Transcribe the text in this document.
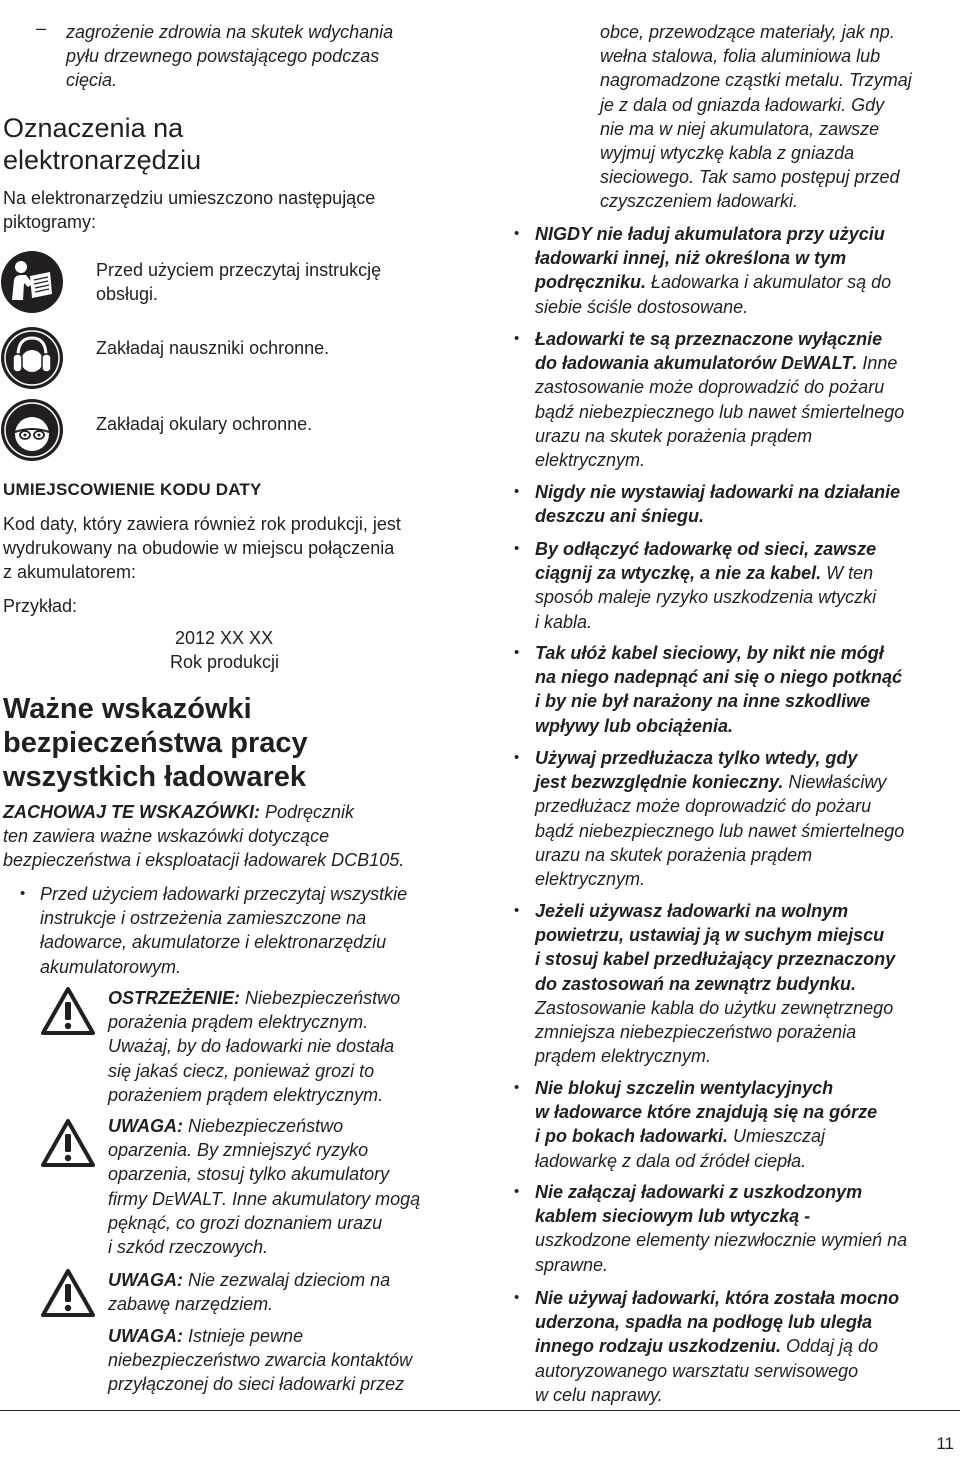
– zagrożenie zdrowia na skutek wdychania
pyłu drzewnego powstającego podczas
cięcia.
Oznaczenia na
elektronarzędziu
Na elektronarzędziu umieszczono następujące
piktogramy:
Przed użyciem przeczytaj instrukcję
obsługi.
Zakładaj nauszniki ochronne.
Zakładaj okulary ochronne.
UMIEJSCOWIENIE KODU DATY
Kod daty, który zawiera również rok produkcji, jest
wydrukowany na obudowie w miejscu połączenia
z akumulatorem:
Przykład:
2012 XX XX
Rok produkcji
Ważne wskazówki
bezpieczeństwa pracy
wszystkich ładowarek
ZACHOWAJ TE WSKAZÓWKI: Podręcznik
ten zawiera ważne wskazówki dotyczące
bezpieczeństwa i eksploatacji ładowarek DCB105.
• Przed użyciem ładowarki przeczytaj wszystkie
instrukcje i ostrzeżenia zamieszczone na
ładowarce, akumulatorze i elektronarzędziu
akumulatorowym.
OSTRZEŻENIE: Niebezpieczeństwo
porażenia prądem elektrycznym.
Uważaj, by do ładowarki nie dostała
się jakaś ciecz, ponieważ grozi to
porażeniem prądem elektrycznym.
UWAGA: Niebezpieczeństwo
oparzenia. By zmniejszyć ryzyko
oparzenia, stosuj tylko akumulatory
firmy DeWALT. Inne akumulatory mogą
pęknąć, co grozi doznaniem urazu
i szkód rzeczowych.
UWAGA: Nie zezwalaj dzieciom na
zabawę narzędziem.
UWAGA: Istnieje pewne
niebezpieczeństwo zwarcia kontaktów
przyłączonej do sieci ładowarki przez
obce, przewodzące materiały, jak np.
wełna stalowa, folia aluminiowa lub
nagromadzone cząstki metalu. Trzymaj
je z dala od gniazda ładowarki. Gdy
nie ma w niej akumulatora, zawsze
wyjmuj wtyczkę kabla z gniazda
sieciowego. Tak samo postępuj przed
czyszczeniem ładowarki.
• NIGDY nie ładuj akumulatora przy użyciu
ładowarki innej, niż określona w tym
podręczniku. Ładowarka i akumulator są do
siebie ściśle dostosowane.
• Ładowarki te są przeznaczone wyłącznie
do ładowania akumulatorów DeWALT. Inne
zastosowanie może doprowadzić do pożaru
bądź niebezpiecznego lub nawet śmiertelnego
urazu na skutek porażenia prądem
elektrycznym.
• Nigdy nie wystawiaj ładowarki na działanie
deszczu ani śniegu.
• By odłączyć ładowarkę od sieci, zawsze
ciągnij za wtyczkę, a nie za kabel. W ten
sposób maleje ryzyko uszkodzenia wtyczki
i kabla.
• Tak ułóż kabel sieciowy, by nikt nie mógł
na niego nadepnąć ani się o niego potknąć
i by nie był narażony na inne szkodliwe
wpływy lub obciążenia.
• Używaj przedłużacza tylko wtedy, gdy
jest bezwzględnie konieczny. Niewłaściwy
przedłużacz może doprowadzić do pożaru
bądź niebezpiecznego lub nawet śmiertelnego
urazu na skutek porażenia prądem
elektrycznym.
• Jeżeli używasz ładowarki na wolnym
powietrzu, ustawiaj ją w suchym miejscu
i stosuj kabel przedłużający przeznaczony
do zastosowań na zewnątrz budynku.
Zastosowanie kabla do użytku zewnętrznego
zmniejsza niebezpieczeństwo porażenia
prądem elektrycznym.
• Nie blokuj szczelin wentylacyjnych
w ładowarce które znajdują się na górze
i po bokach ładowarki. Umieszczaj
ładowarkę z dala od źródeł ciepła.
• Nie załączaj ładowarki z uszkodzonym
kablem sieciowym lub wtyczką -
uszkodzone elementy niezwłocznie wymień na
sprawne.
• Nie używaj ładowarki, która została mocno
uderzona, spadła na podłogę lub uległa
innego rodzaju uszkodzeniu. Oddaj ją do
autoryzowanego warsztatu serwisowego
w celu naprawy.
11
